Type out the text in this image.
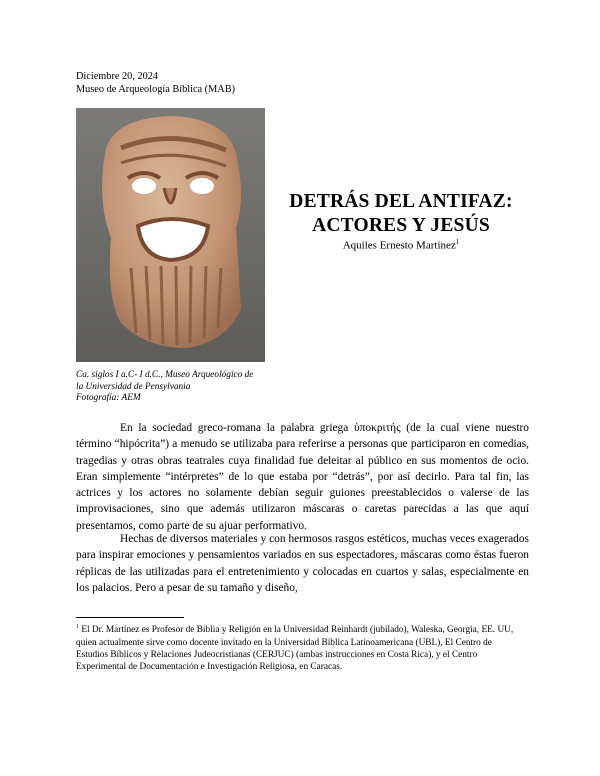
Diciembre 20, 2024
Museo de Arqueología Bíblica (MAB)
Ca. siglos I a.C- I d.C., Museo Arqueológico de
la Universidad de Pensylvania
Fotografía: AEM
DETRÁS DEL ANTIFAZ:
ACTORES Y JESÚS
Aquiles Ernesto Martínez$^1$

En la sociedad greco-romana la palabra griega ὑποκριτής (de la cual viene nuestro término “hipócrita”) a menudo se utilizaba para referirse a personas que participaron en comedias, tragedias y otras obras teatrales cuya finalidad fue deleitar al público en sus momentos de ocio. Eran simplemente “intérpretes” de lo que estaba por “detrás”, por así decirlo. Para tal fin, las actrices y los actores no solamente debían seguir guiones preestablecidos o valerse de las improvisaciones, sino que además utilizaron máscaras o caretas parecidas a las que aquí presentamos, como parte de su ajuar performativo.

Hechas de diversos materiales y con hermosos rasgos estéticos, muchas veces exagerados para inspirar emociones y pensamientos variados en sus espectadores, máscaras como éstas fueron réplicas de las utilizadas para el entretenimiento y colocadas en cuartos y salas, especialmente en los palacios. Pero a pesar de su tamaño y diseño,

$^1$ El Dr. Martínez es Profesor de Biblia y Religión en la Universidad Reinhardt (jubilado), Waleska, Georgia, EE. UU, quien actualmente sirve como docente invitado en la Universidad Bíblica Latinoamericana (UBL), El Centro de Estudios Bíblicos y Relaciones Judeocristianas (CERJUC) (ambas instrucciones en Costa Rica), y el Centro Experimental de Documentación e Investigación Religiosa, en Caracas.
